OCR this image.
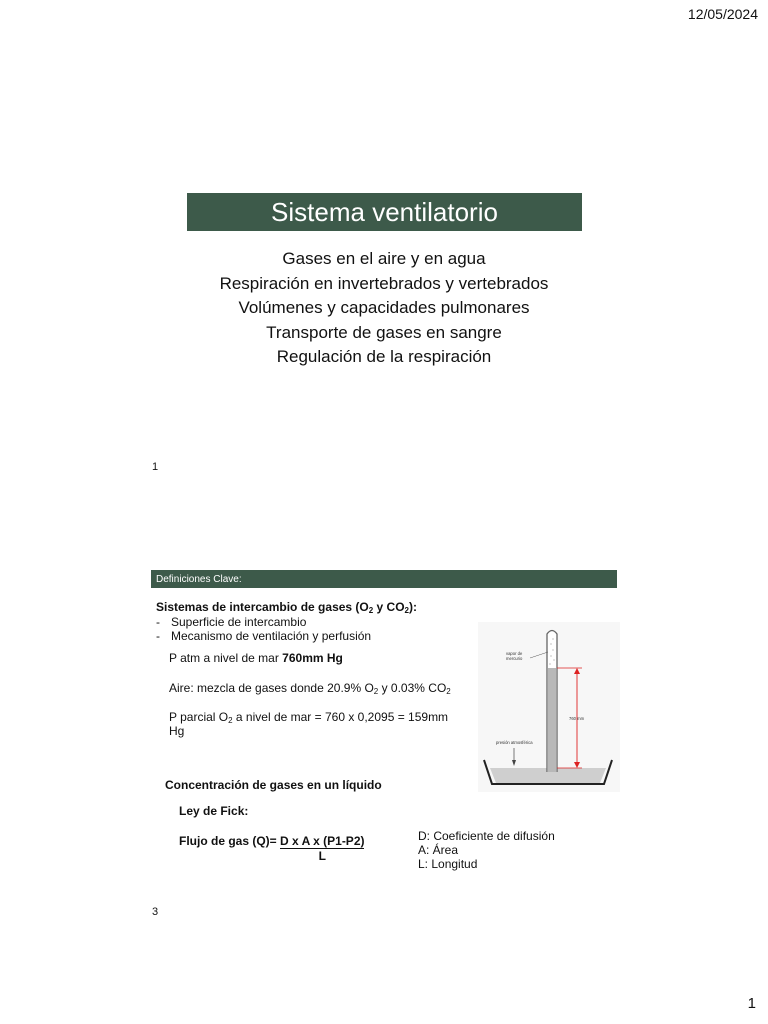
12/05/2024
Sistema ventilatorio
Gases en el aire y en agua
Respiración en invertebrados y vertebrados
Volúmenes y capacidades pulmonares
Transporte de gases en sangre
Regulación de la respiración
1
Definiciones Clave:
Sistemas de intercambio de gases ($O_2$ y $CO_2$):
- Superficie de intercambio
- Mecanismo de ventilación y perfusión
P atm a nivel de mar 760mm Hg
Aire: mezcla de gases donde 20.9% $O_2$ y 0.03% $CO_2$
P parcial $O_2$ a nivel de mar = 760 x 0,2095 = 159mm
Hg
vapor de
mercurio
760 mm
presión atmosférica
Concentración de gases en un líquido
Ley de Fick:
Flujo de gas $(Q)= \frac{\text{D x A x (P1-P2)}}{L}$	D: Coeficiente de difusión
A: Área
L: Longitud
3
1
